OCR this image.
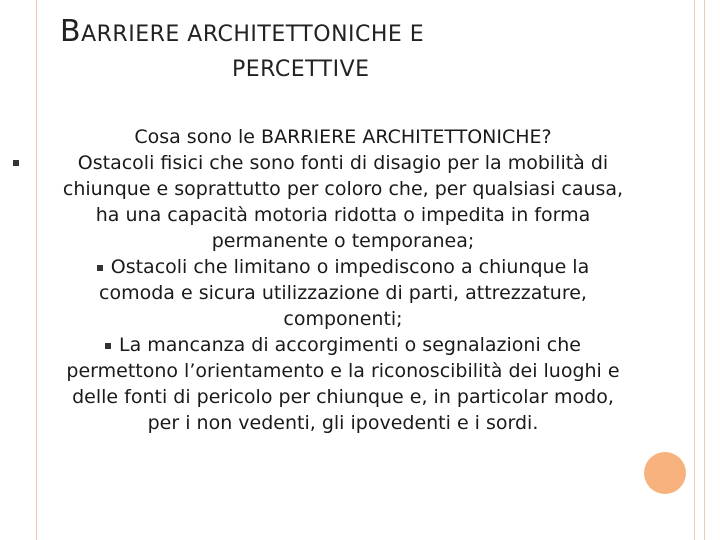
BARRIERE ARCHITETTONICHE E
PERCETTIVE

Cosa sono le BARRIERE ARCHITETTONICHE?

Ostacoli fisici che sono fonti di disagio per la mobilità di chiunque e soprattutto per coloro che, per qualsiasi causa, ha una capacità motoria ridotta o impedita in forma permanente o temporanea;

Ostacoli che limitano o impediscono a chiunque la comoda e sicura utilizzazione di parti, attrezzature, componenti;

La mancanza di accorgimenti o segnalazioni che permettono l’orientamento e la riconoscibilità dei luoghi e delle fonti di pericolo per chiunque e, in particolar modo, per i non vedenti, gli ipovedenti e i sordi.
